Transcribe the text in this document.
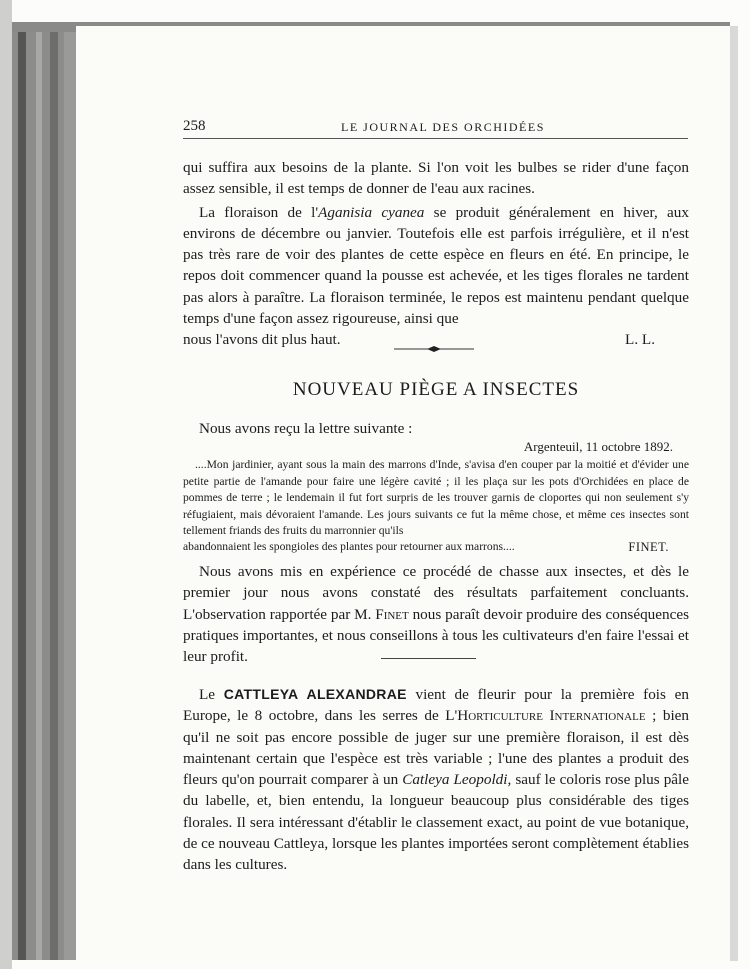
258	LE JOURNAL DES ORCHIDÉES

qui suffira aux besoins de la plante. Si l'on voit les bulbes se rider d'une façon assez sensible, il est temps de donner de l'eau aux racines.

La floraison de l'Aganisia cyanea se produit généralement en hiver, aux environs de décembre ou janvier. Toutefois elle est parfois irrégulière, et il n'est pas très rare de voir des plantes de cette espèce en fleurs en été. En principe, le repos doit commencer quand la pousse est achevée, et les tiges florales ne tardent pas alors à paraître. La floraison terminée, le repos est maintenu pendant quelque temps d'une façon assez rigoureuse, ainsi que

nous l'avons dit plus haut.	L. L.
NOUVEAU PIÈGE A INSECTES

Nous avons reçu la lettre suivante :

Argenteuil, 11 octobre 1892.

....Mon jardinier, ayant sous la main des marrons d'Inde, s'avisa d'en couper par la moitié et d'évider une petite partie de l'amande pour faire une légère cavité ; il les plaça sur les pots d'Orchidées en place de pommes de terre ; le lendemain il fut fort surpris de les trouver garnis de cloportes qui non seulement s'y réfugiaient, mais dévoraient l'amande. Les jours suivants ce fut la même chose, et même ces insectes sont tellement friands des fruits du marronnier qu'ils

abandonnaient les spongioles des plantes pour retourner aux marrons....	FINET.

Nous avons mis en expérience ce procédé de chasse aux insectes, et dès le premier jour nous avons constaté des résultats parfaitement concluants. L'observation rapportée par M. Finet nous paraît devoir produire des conséquences pratiques importantes, et nous conseillons à tous les cultivateurs d'en faire l'essai et leur profit.

Le CATTLEYA ALEXANDRAE vient de fleurir pour la première fois en Europe, le 8 octobre, dans les serres de L'Horticulture Internationale ; bien qu'il ne soit pas encore possible de juger sur une première floraison, il est dès maintenant certain que l'espèce est très variable ; l'une des plantes a produit des fleurs qu'on pourrait comparer à un Catleya Leopoldi, sauf le coloris rose plus pâle du labelle, et, bien entendu, la longueur beaucoup plus considérable des tiges florales. Il sera intéressant d'établir le classement exact, au point de vue botanique, de ce nouveau Cattleya, lorsque les plantes importées seront complètement établies dans les cultures.
